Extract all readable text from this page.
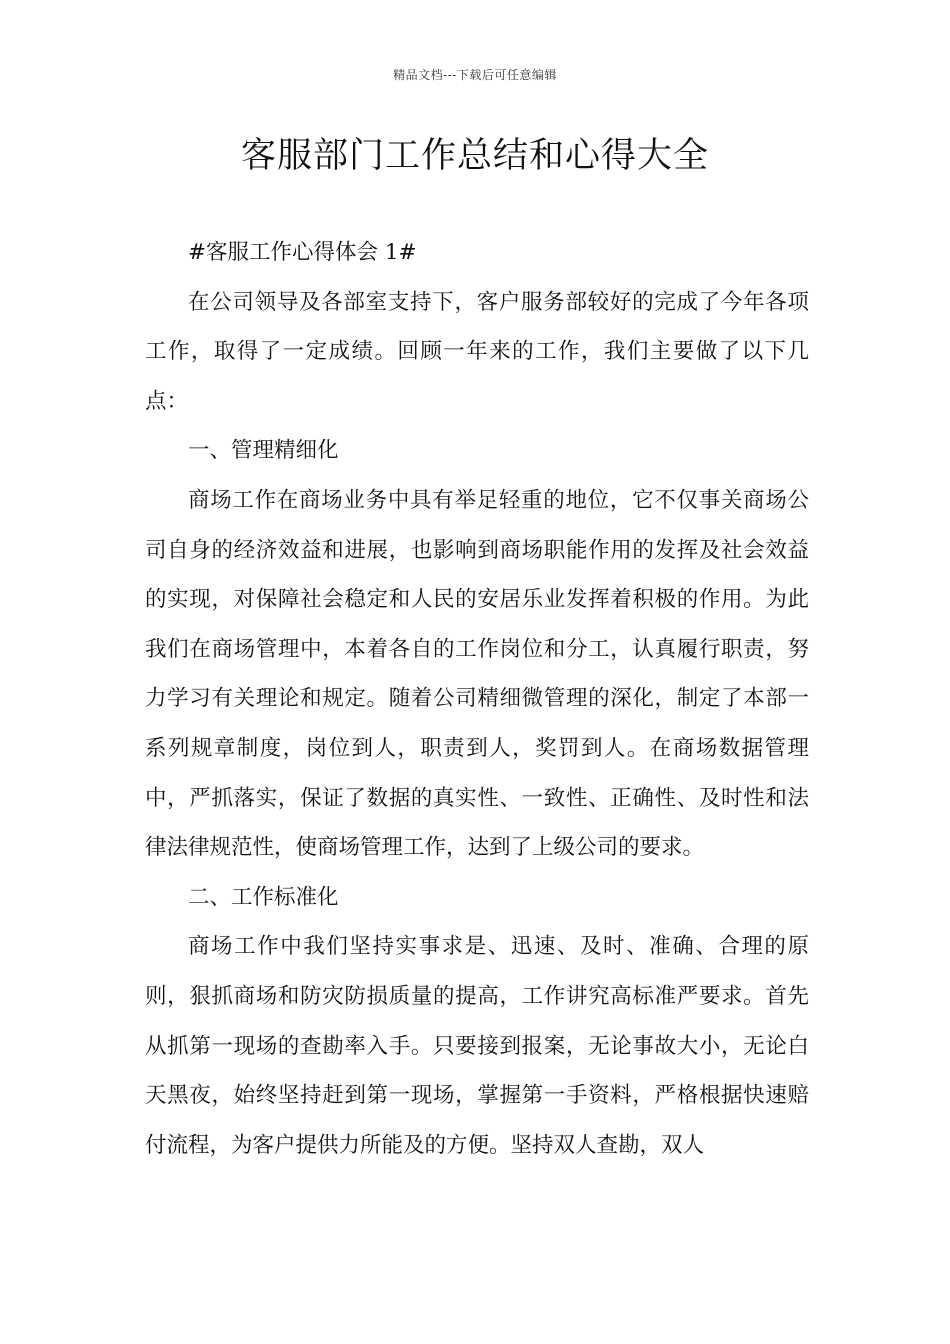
精品文档---下载后可任意编辑
客服部门工作总结和心得大全

#客服工作心得体会 1#

在公司领导及各部室支持下，客户服务部较好的完成了今年各项工作，取得了一定成绩。回顾一年来的工作，我们主要做了以下几点：

一、管理精细化

商场工作在商场业务中具有举足轻重的地位，它不仅事关商场公司自身的经济效益和进展，也影响到商场职能作用的发挥及社会效益的实现，对保障社会稳定和人民的安居乐业发挥着积极的作用。为此我们在商场管理中，本着各自的工作岗位和分工，认真履行职责，努力学习有关理论和规定。随着公司精细微管理的深化，制定了本部一系列规章制度，岗位到人，职责到人，奖罚到人。在商场数据管理中，严抓落实，保证了数据的真实性、一致性、正确性、及时性和法律法律规范性，使商场管理工作，达到了上级公司的要求。

二、工作标准化

商场工作中我们坚持实事求是、迅速、及时、准确、合理的原则，狠抓商场和防灾防损质量的提高，工作讲究高标准严要求。首先从抓第一现场的查勘率入手。只要接到报案，无论事故大小，无论白天黑夜，始终坚持赶到第一现场，掌握第一手资料，严格根据快速赔付流程，为客户提供力所能及的方便。坚持双人查勘，双人
